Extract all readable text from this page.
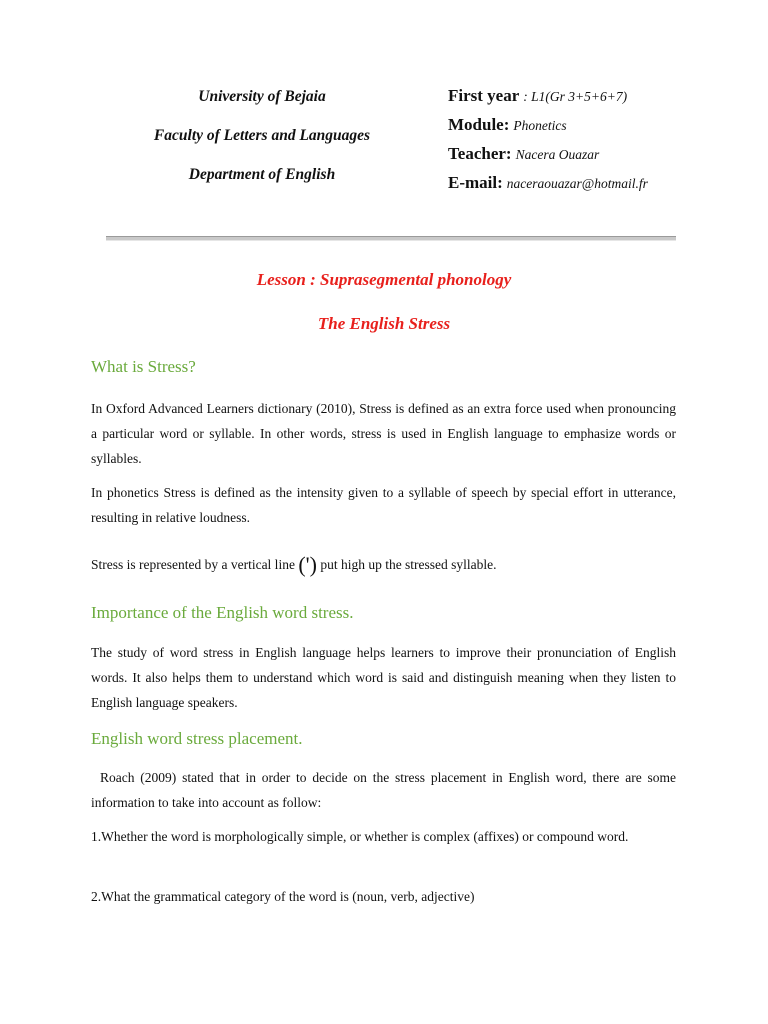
University of Bejaia
Faculty of Letters and Languages
Department of English
First year : L1(Gr 3+5+6+7)
Module: Phonetics
Teacher: Nacera Ouazar
E-mail: naceraouazar@hotmail.fr
Lesson : Suprasegmental phonology
The English Stress
What is Stress?
In Oxford Advanced Learners dictionary (2010), Stress is defined as an extra force used when pronouncing a particular word or syllable. In other words, stress is used in English language to emphasize words or syllables.
In phonetics Stress is defined as the intensity given to a syllable of speech by special effort in utterance, resulting in relative loudness.
Stress is represented by a vertical line (') put high up the stressed syllable.
Importance of the English word stress.
The study of word stress in English language helps learners to improve their pronunciation of English words. It also helps them to understand which word is said and distinguish meaning when they listen to English language speakers.
English word stress placement.
Roach (2009) stated that in order to decide on the stress placement in English word, there are some information to take into account as follow:
1.Whether the word is morphologically simple, or whether is complex (affixes) or compound word.
2.What the grammatical category of the word is (noun, verb, adjective)
